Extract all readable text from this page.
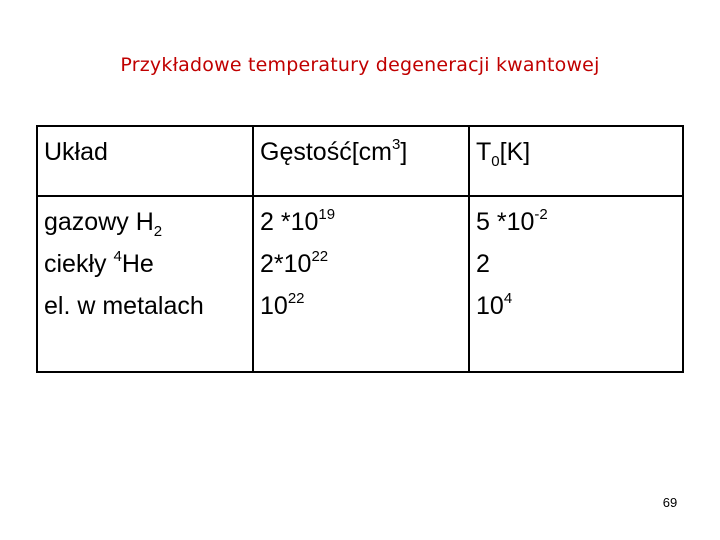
Przykładowe temperatury degeneracji kwantowej
Układ	$Gęstość[cm^3]$	$T_0[K]$
gazowy $H_2$
ciekły $^4$He
el. w metalach
2 $*10^{19}$
$2*10^{22}$
$10^{22}$
5 $*10^{-2}$
2
$10^4$
69
